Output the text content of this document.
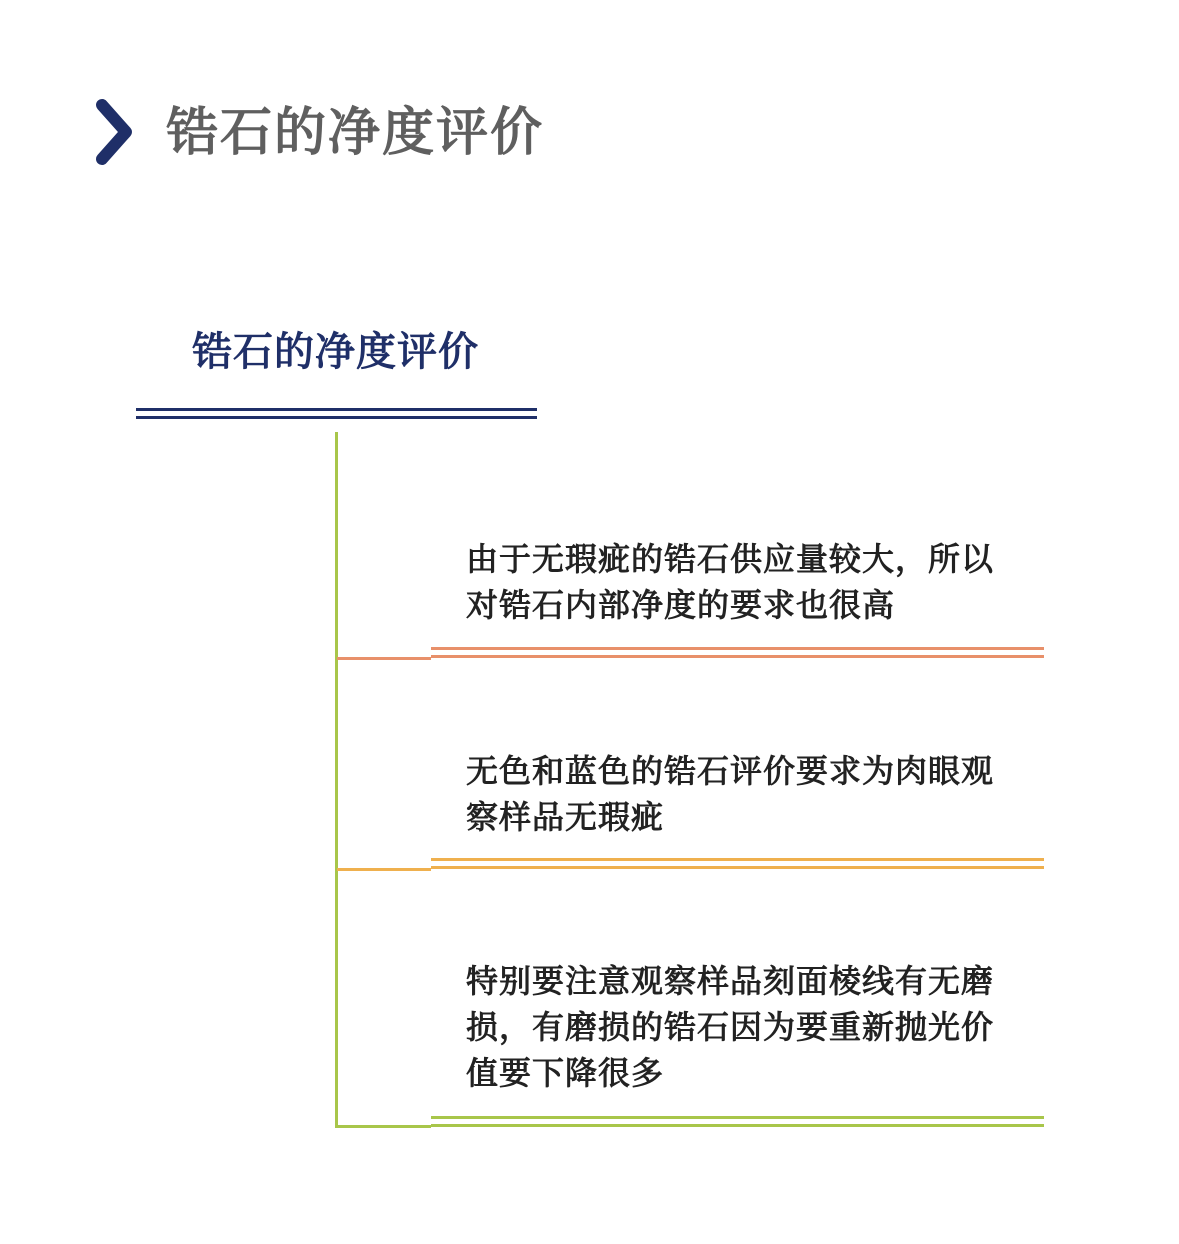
锆石的净度评价
锆石的净度评价
由于无瑕疵的锆石供应量较大，所以对锆石内部净度的要求也很高
无色和蓝色的锆石评价要求为肉眼观察样品无瑕疵
特别要注意观察样品刻面棱线有无磨损，有磨损的锆石因为要重新抛光价值要下降很多
